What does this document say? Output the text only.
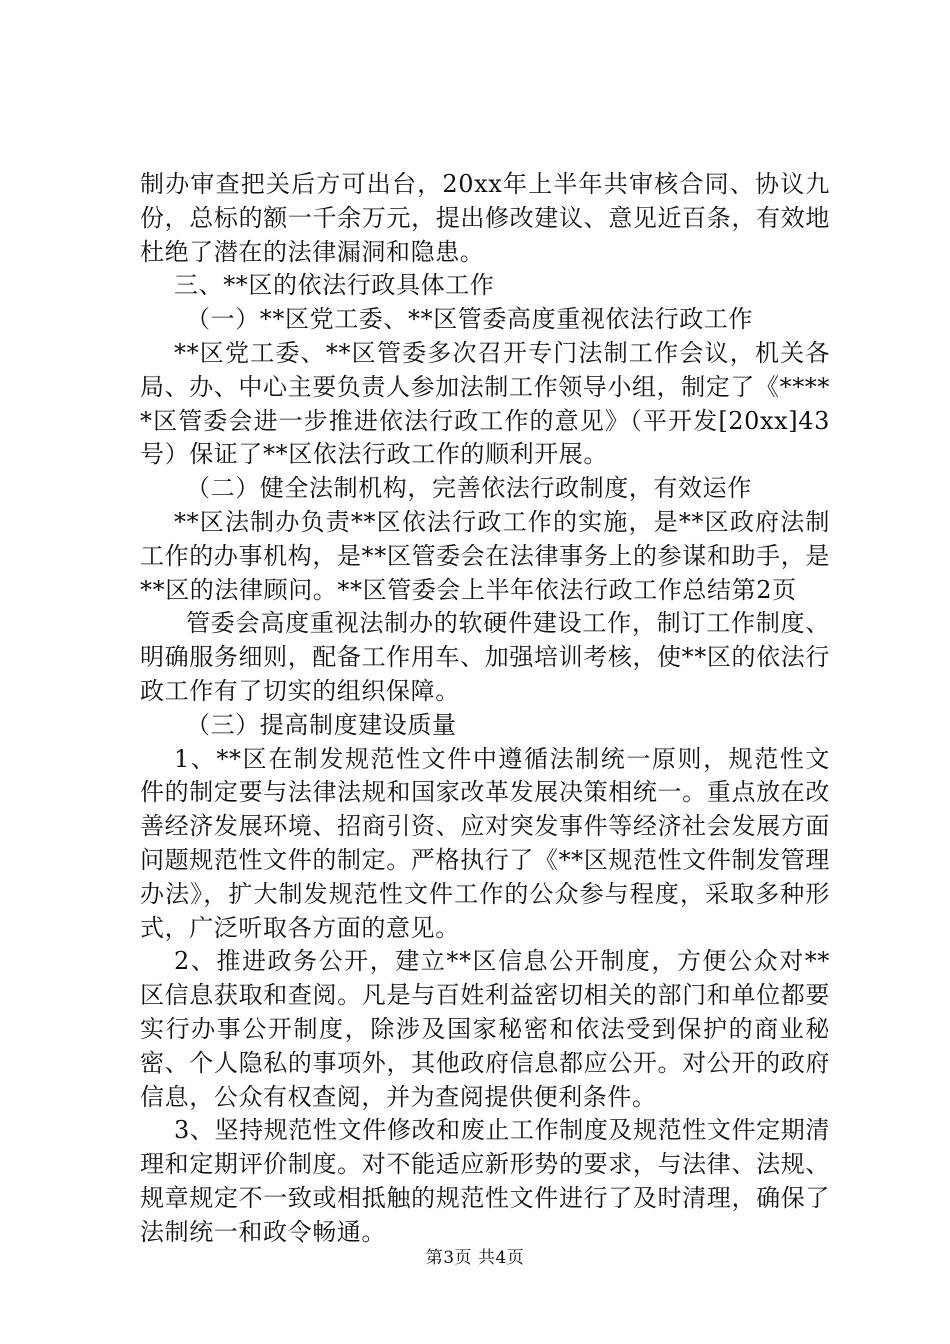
制办审查把关后方可出台，20xx年上半年共审核合同、协议九份，总标的额一千余万元，提出修改建议、意见近百条，有效地杜绝了潜在的法律漏洞和隐患。

三、**区的依法行政具体工作

（一）**区党工委、**区管委高度重视依法行政工作

**区党工委、**区管委多次召开专门法制工作会议，机关各局、办、中心主要负责人参加法制工作领导小组，制定了《*****区管委会进一步推进依法行政工作的意见》（平开发[20xx]43号）保证了**区依法行政工作的顺利开展。

（二）健全法制机构，完善依法行政制度，有效运作

**区法制办负责**区依法行政工作的实施，是**区政府法制工作的办事机构，是**区管委会在法律事务上的参谋和助手，是**区的法律顾问。**区管委会上半年依法行政工作总结第2页

管委会高度重视法制办的软硬件建设工作，制订工作制度、明确服务细则，配备工作用车、加强培训考核，使**区的依法行政工作有了切实的组织保障。

（三）提高制度建设质量

1、**区在制发规范性文件中遵循法制统一原则，规范性文件的制定要与法律法规和国家改革发展决策相统一。重点放在改善经济发展环境、招商引资、应对突发事件等经济社会发展方面问题规范性文件的制定。严格执行了《**区规范性文件制发管理办法》，扩大制发规范性文件工作的公众参与程度，采取多种形式，广泛听取各方面的意见。

2、推进政务公开，建立**区信息公开制度，方便公众对**区信息获取和查阅。凡是与百姓利益密切相关的部门和单位都要实行办事公开制度，除涉及国家秘密和依法受到保护的商业秘密、个人隐私的事项外，其他政府信息都应公开。对公开的政府信息，公众有权查阅，并为查阅提供便利条件。

3、坚持规范性文件修改和废止工作制度及规范性文件定期清理和定期评价制度。对不能适应新形势的要求，与法律、法规、规章规定不一致或相抵触的规范性文件进行了及时清理，确保了法制统一和政令畅通。

第3页 共4页
